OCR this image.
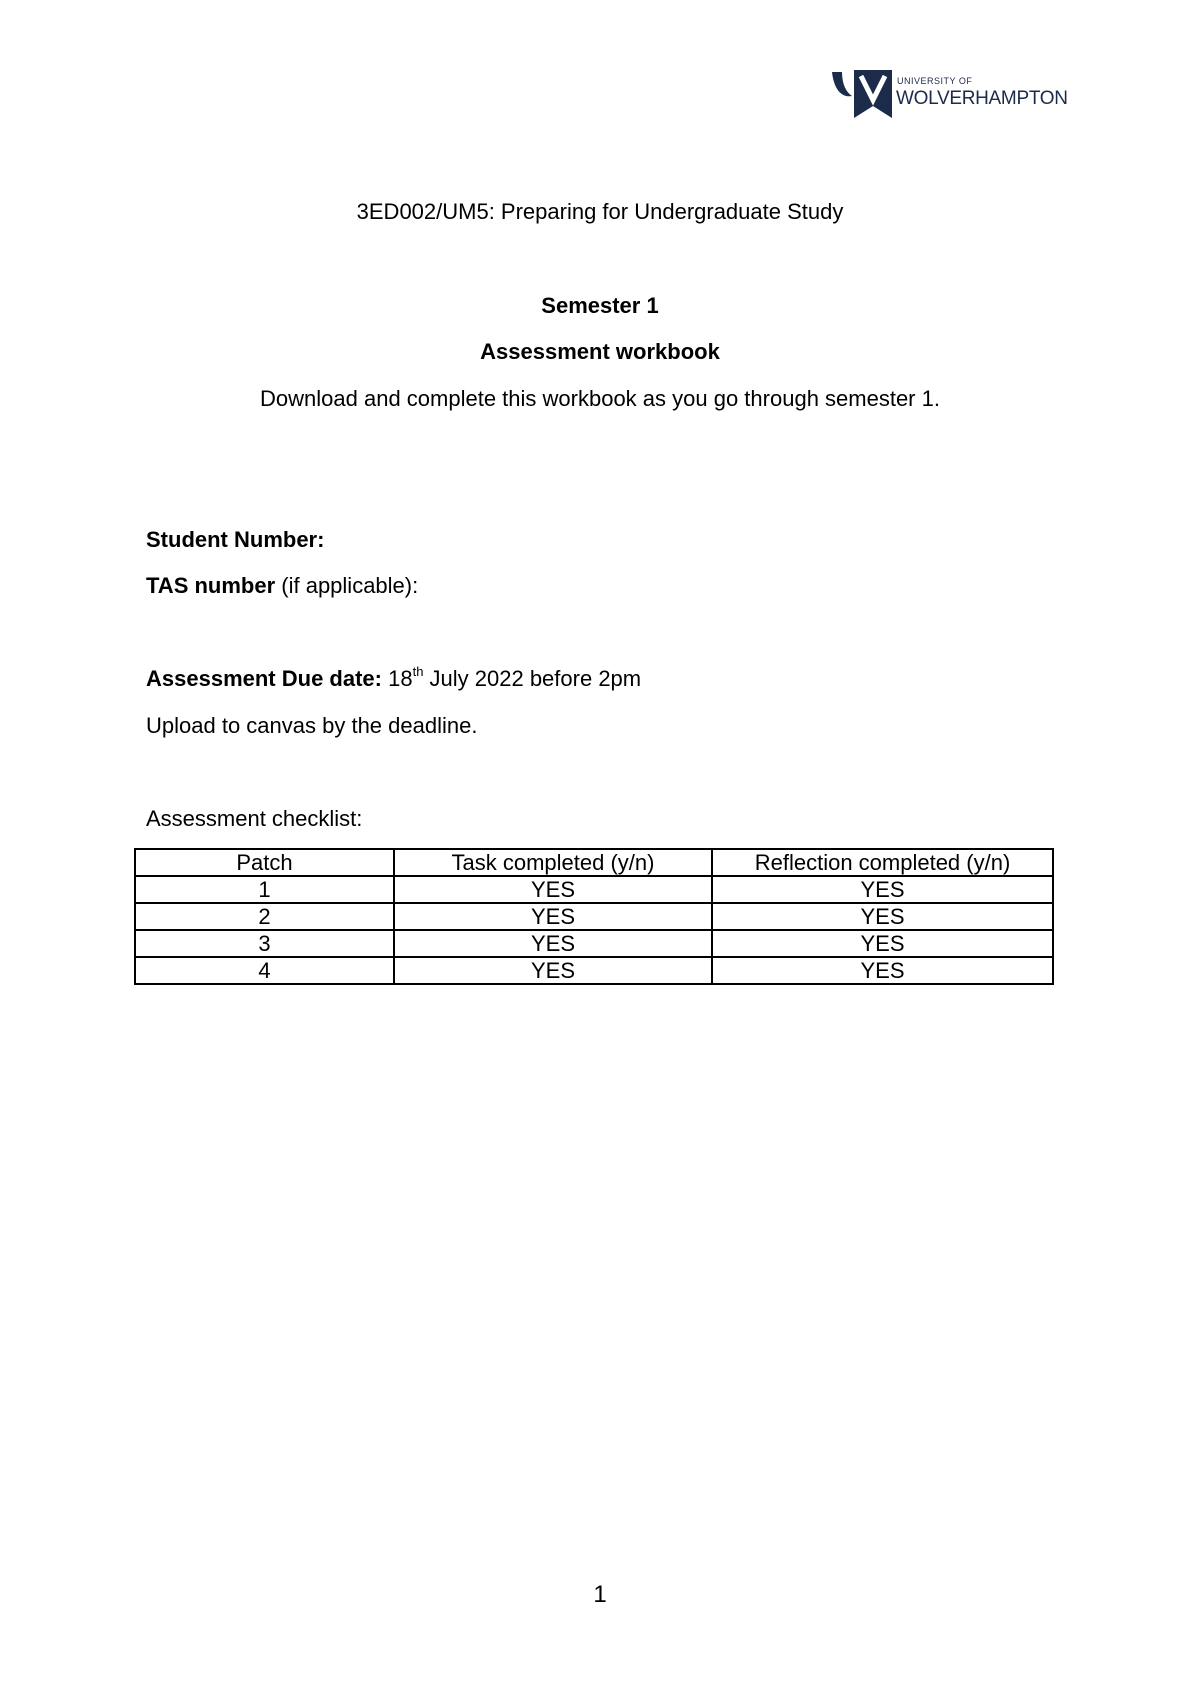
UNIVERSITY OF
WOLVERHAMPTON
3ED002/UM5: Preparing for Undergraduate Study
Semester 1
Assessment workbook
Download and complete this workbook as you go through semester 1.
Student Number:
TAS number (if applicable):
Assessment Due date: 18th July 2022 before 2pm
Upload to canvas by the deadline.
Assessment checklist:
Patch	Task completed (y/n)	Reflection completed (y/n)
1	YES	YES
2	YES	YES
3	YES	YES
4	YES	YES
1
